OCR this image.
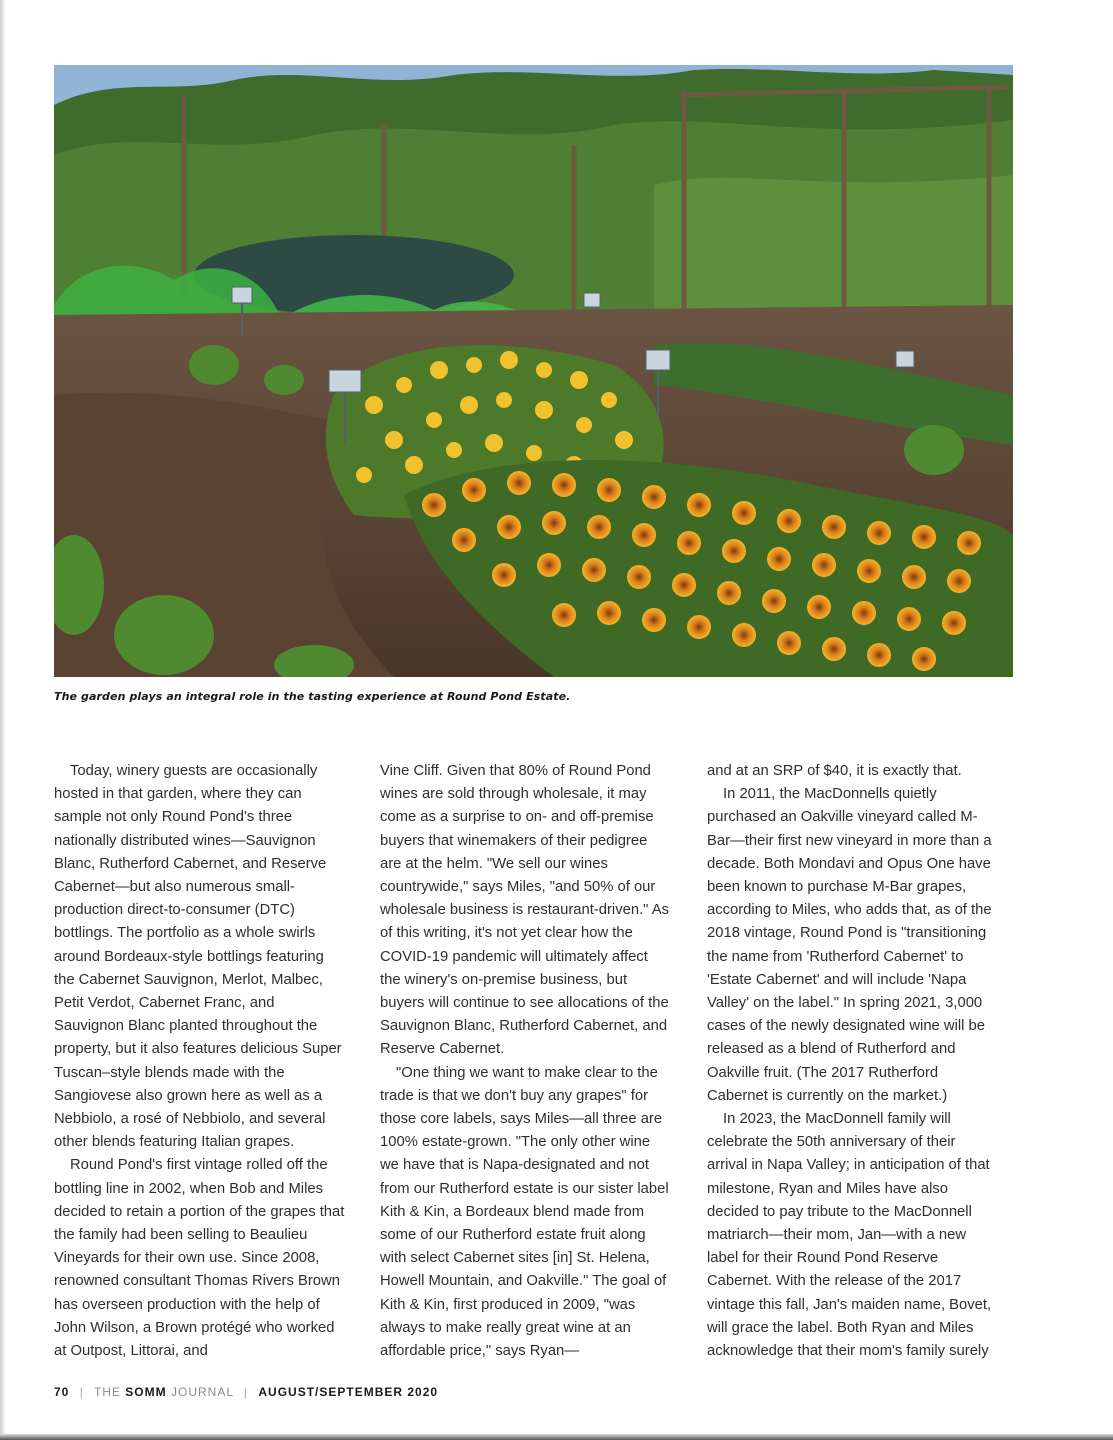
The garden plays an integral role in the tasting experience at Round Pond Estate.

Today, winery guests are occasionally hosted in that garden, where they can sample not only Round Pond's three nationally distributed wines—Sauvignon Blanc, Rutherford Cabernet, and Reserve Cabernet—but also numerous small-production direct-to-consumer (DTC) bottlings. The portfolio as a whole swirls around Bordeaux-style bottlings featuring the Cabernet Sauvignon, Merlot, Malbec, Petit Verdot, Cabernet Franc, and Sauvignon Blanc planted throughout the property, but it also features delicious Super Tuscan–style blends made with the Sangiovese also grown here as well as a Nebbiolo, a rosé of Nebbiolo, and several other blends featuring Italian grapes.

Round Pond's first vintage rolled off the bottling line in 2002, when Bob and Miles decided to retain a portion of the grapes that the family had been selling to Beaulieu Vineyards for their own use. Since 2008, renowned consultant Thomas Rivers Brown has overseen production with the help of John Wilson, a Brown protégé who worked at Outpost, Littorai, and

Vine Cliff. Given that 80% of Round Pond wines are sold through wholesale, it may come as a surprise to on- and off-premise buyers that winemakers of their pedigree are at the helm. "We sell our wines countrywide," says Miles, "and 50% of our wholesale business is restaurant-driven." As of this writing, it's not yet clear how the COVID-19 pandemic will ultimately affect the winery's on-premise business, but buyers will continue to see allocations of the Sauvignon Blanc, Rutherford Cabernet, and Reserve Cabernet.

"One thing we want to make clear to the trade is that we don't buy any grapes" for those core labels, says Miles—all three are 100% estate-grown. "The only other wine we have that is Napa-designated and not from our Rutherford estate is our sister label Kith & Kin, a Bordeaux blend made from some of our Rutherford estate fruit along with select Cabernet sites [in] St. Helena, Howell Mountain, and Oakville." The goal of Kith & Kin, first produced in 2009, "was always to make really great wine at an affordable price," says Ryan—

and at an SRP of $40, it is exactly that.

In 2011, the MacDonnells quietly purchased an Oakville vineyard called M-Bar—their first new vineyard in more than a decade. Both Mondavi and Opus One have been known to purchase M-Bar grapes, according to Miles, who adds that, as of the 2018 vintage, Round Pond is "transitioning the name from 'Rutherford Cabernet' to 'Estate Cabernet' and will include 'Napa Valley' on the label." In spring 2021, 3,000 cases of the newly designated wine will be released as a blend of Rutherford and Oakville fruit. (The 2017 Rutherford Cabernet is currently on the market.)

In 2023, the MacDonnell family will celebrate the 50th anniversary of their arrival in Napa Valley; in anticipation of that milestone, Ryan and Miles have also decided to pay tribute to the MacDonnell matriarch—their mom, Jan—with a new label for their Round Pond Reserve Cabernet. With the release of the 2017 vintage this fall, Jan's maiden name, Bovet, will grace the label. Both Ryan and Miles acknowledge that their mom's family surely

70 | THE SOMM JOURNAL | AUGUST/SEPTEMBER 2020
